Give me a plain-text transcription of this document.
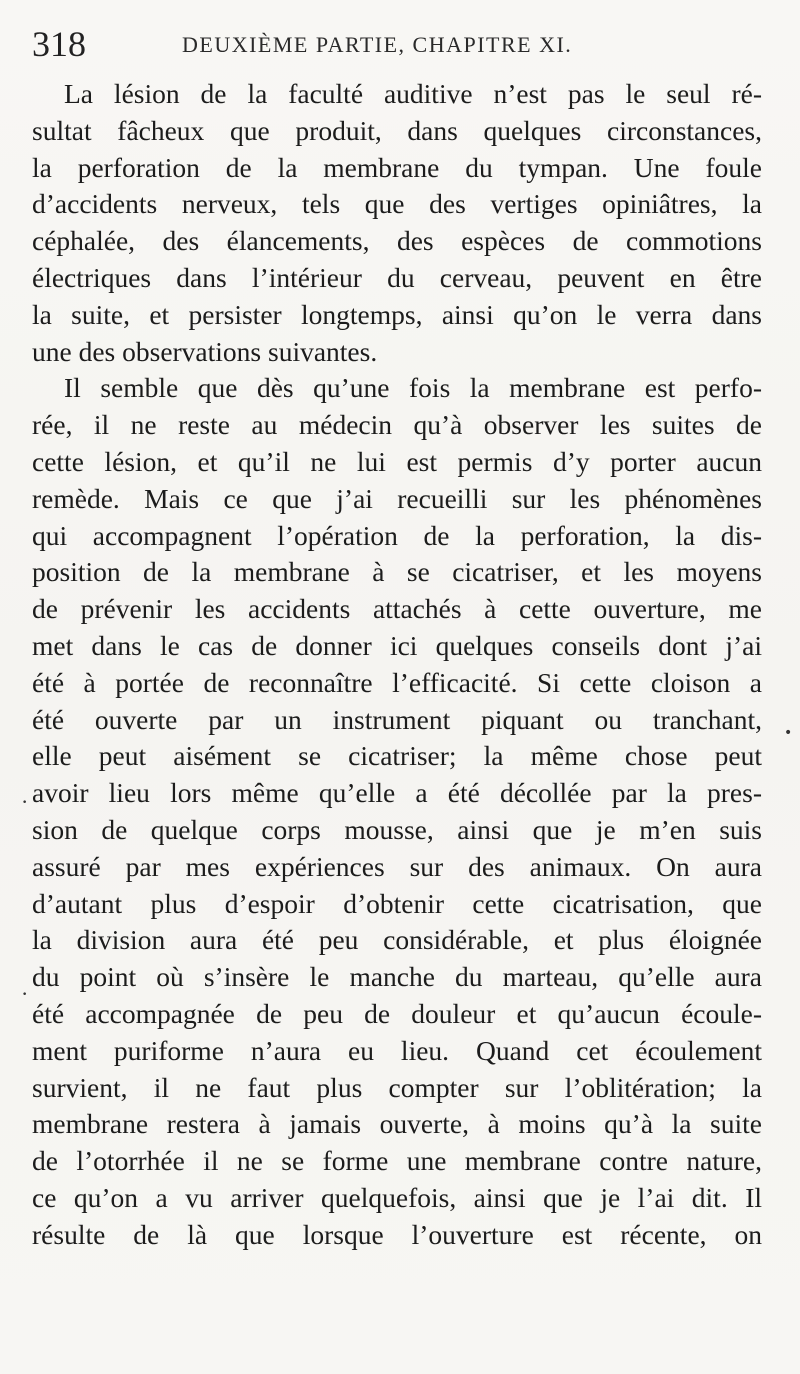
318	DEUXIÈME PARTIE, CHAPITRE XI.
La lésion de la faculté auditive n’est pas le seul ré-
sultat fâcheux que produit, dans quelques circonstances,
la perforation de la membrane du tympan. Une foule
d’accidents nerveux, tels que des vertiges opiniâtres, la
céphalée, des élancements, des espèces de commotions
électriques dans l’intérieur du cerveau, peuvent en être
la suite, et persister longtemps, ainsi qu’on le verra dans
une des observations suivantes.
Il semble que dès qu’une fois la membrane est perfo-
rée, il ne reste au médecin qu’à observer les suites de
cette lésion, et qu’il ne lui est permis d’y porter aucun
remède. Mais ce que j’ai recueilli sur les phénomènes
qui accompagnent l’opération de la perforation, la dis-
position de la membrane à se cicatriser, et les moyens
de prévenir les accidents attachés à cette ouverture, me
met dans le cas de donner ici quelques conseils dont j’ai
été à portée de reconnaître l’efficacité. Si cette cloison a
été ouverte par un instrument piquant ou tranchant,
elle peut aisément se cicatriser; la même chose peut
avoir lieu lors même qu’elle a été décollée par la pres-
sion de quelque corps mousse, ainsi que je m’en suis
assuré par mes expériences sur des animaux. On aura
d’autant plus d’espoir d’obtenir cette cicatrisation, que
la division aura été peu considérable, et plus éloignée
du point où s’insère le manche du marteau, qu’elle aura
été accompagnée de peu de douleur et qu’aucun écoule-
ment puriforme n’aura eu lieu. Quand cet écoulement
survient, il ne faut plus compter sur l’oblitération; la
membrane restera à jamais ouverte, à moins qu’à la suite
de l’otorrhée il ne se forme une membrane contre nature,
ce qu’on a vu arriver quelquefois, ainsi que je l’ai dit. Il
résulte de là que lorsque l’ouverture est récente, on
•
•
•
